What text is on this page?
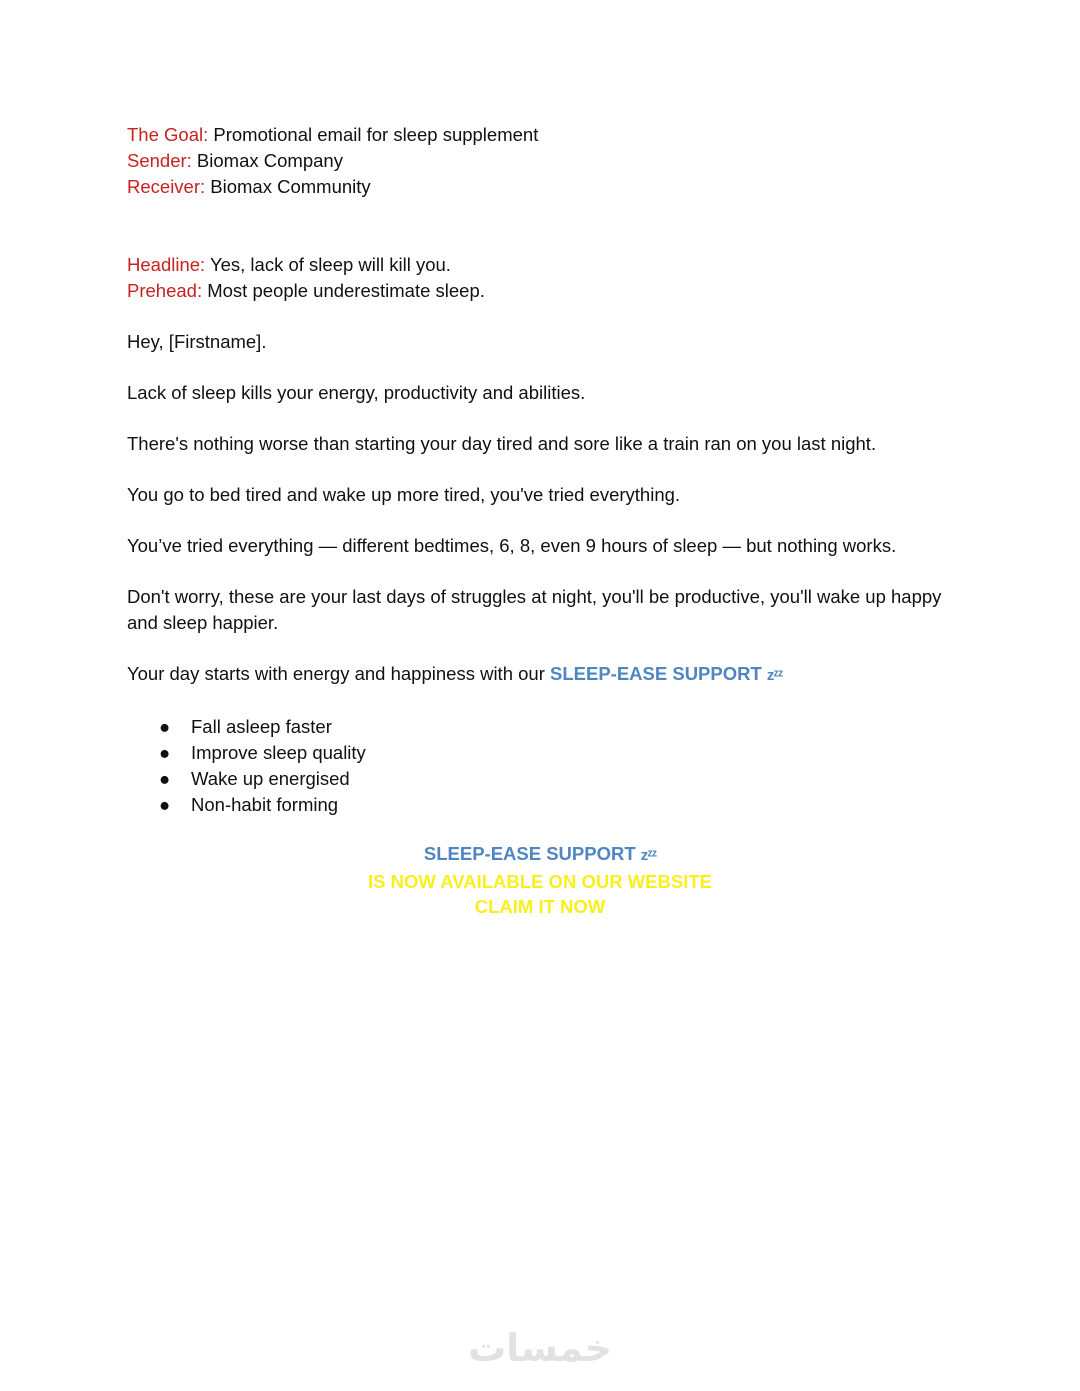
The Goal: Promotional email for sleep supplement
Sender: Biomax Company
Receiver: Biomax Community
Headline: Yes, lack of sleep will kill you.
Prehead: Most people underestimate sleep.

Hey, [Firstname].

Lack of sleep kills your energy, productivity and abilities.

There's nothing worse than starting your day tired and sore like a train ran on you last night.

You go to bed tired and wake up more tired, you've tried everything.

You’ve tried everything — different bedtimes, 6, 8, even 9 hours of sleep — but nothing works.

Don't worry, these are your last days of struggles at night, you'll be productive, you'll wake up happy and sleep happier.

Your day starts with energy and happiness with our SLEEP-EASE SUPPORT zᶻᶻ

● Fall asleep faster
● Improve sleep quality
● Wake up energised
● Non-habit forming
SLEEP-EASE SUPPORT zᶻᶻ
IS NOW AVAILABLE ON OUR WEBSITE
CLAIM IT NOW
خمسات
